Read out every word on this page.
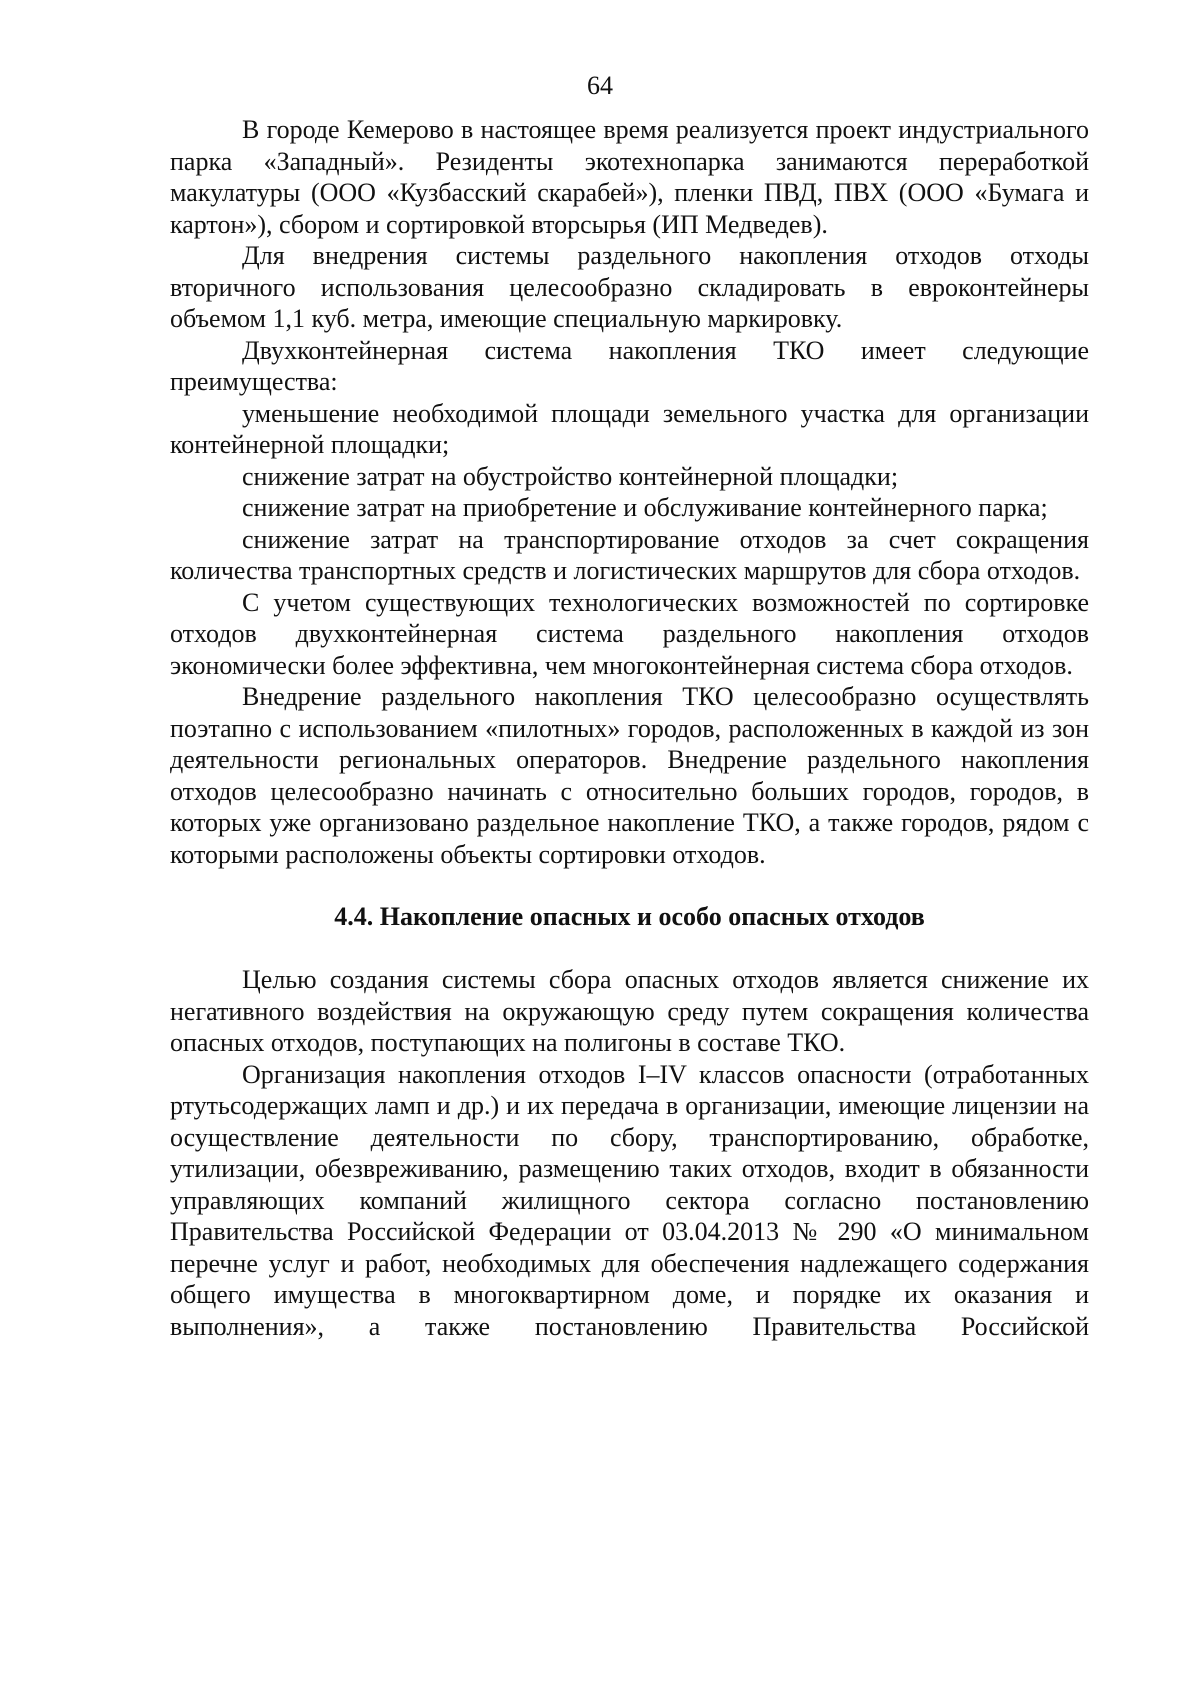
64

В городе Кемерово в настоящее время реализуется проект индустриального парка «Западный». Резиденты экотехнопарка занимаются переработкой макулатуры (ООО «Кузбасский скарабей»), пленки ПВД, ПВХ (ООО «Бумага и картон»), сбором и сортировкой вторсырья (ИП Медведев).

Для внедрения системы раздельного накопления отходов отходы вторичного использования целесообразно складировать в евроконтейнеры объемом 1,1 куб. метра, имеющие специальную маркировку.

Двухконтейнерная система накопления ТКО имеет следующие преимущества:

уменьшение необходимой площади земельного участка для организации контейнерной площадки;

снижение затрат на обустройство контейнерной площадки;

снижение затрат на приобретение и обслуживание контейнерного парка;

снижение затрат на транспортирование отходов за счет сокращения количества транспортных средств и логистических маршрутов для сбора отходов.

С учетом существующих технологических возможностей по сортировке отходов двухконтейнерная система раздельного накопления отходов экономически более эффективна, чем многоконтейнерная система сбора отходов.

Внедрение раздельного накопления ТКО целесообразно осуществлять поэтапно с использованием «пилотных» городов, расположенных в каждой из зон деятельности региональных операторов. Внедрение раздельного накопления отходов целесообразно начинать с относительно больших городов, городов, в которых уже организовано раздельное накопление ТКО, а также городов, рядом с которыми расположены объекты сортировки отходов.

4.4. Накопление опасных и особо опасных отходов

Целью создания системы сбора опасных отходов является снижение их негативного воздействия на окружающую среду путем сокращения количества опасных отходов, поступающих на полигоны в составе ТКО.

Организация накопления отходов I–IV классов опасности (отработанных ртутьсодержащих ламп и др.) и их передача в организации, имеющие лицензии на осуществление деятельности по сбору, транспортированию, обработке, утилизации, обезвреживанию, размещению таких отходов, входит в обязанности управляющих компаний жилищного сектора согласно постановлению Правительства Российской Федерации от 03.04.2013 № 290 «О минимальном перечне услуг и работ, необходимых для обеспечения надлежащего содержания общего имущества в многоквартирном доме, и порядке их оказания и выполнения», а также постановлению Правительства Российской
